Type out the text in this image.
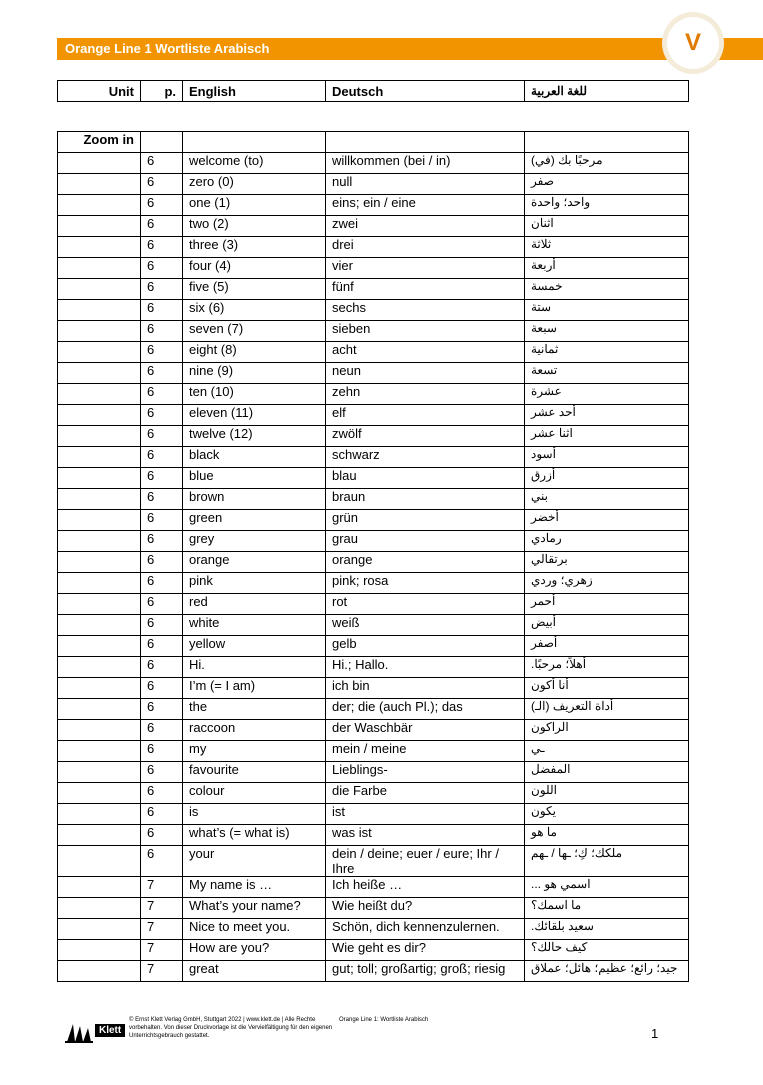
Orange Line 1 Wortliste Arabisch	V
Unit	p.	English	Deutsch	للغة العربية
Zoom in				
	6	welcome (to)	willkommen (bei / in)	مرحبًا بك (في)
	6	zero (0)	null	صفر
	6	one (1)	eins; ein / eine	واحد؛ واحدة
	6	two (2)	zwei	اثنان
	6	three (3)	drei	ثلاثة
	6	four (4)	vier	أربعة
	6	five (5)	fünf	خمسة
	6	six (6)	sechs	ستة
	6	seven (7)	sieben	سبعة
	6	eight (8)	acht	ثمانية
	6	nine (9)	neun	تسعة
	6	ten (10)	zehn	عشرة
	6	eleven (11)	elf	أحد عشر
	6	twelve (12)	zwölf	اثنا عشر
	6	black	schwarz	أسود
	6	blue	blau	أزرق
	6	brown	braun	بني
	6	green	grün	أخضر
	6	grey	grau	رمادي
	6	orange	orange	برتقالي
	6	pink	pink; rosa	زهري؛ وردي
	6	red	rot	أحمر
	6	white	weiß	أبيض
	6	yellow	gelb	أصفر
	6	Hi.	Hi.; Hallo.	أهلاً؛ مرحبًا.
	6	I’m (= I am)	ich bin	أنا أكون
	6	the	der; die (auch Pl.); das	أداة التعريف (الـ)
	6	raccoon	der Waschbär	الراكون
	6	my	mein / meine	ـي
	6	favourite	Lieblings-	المفضل
	6	colour	die Farbe	اللون
	6	is	ist	يكون
	6	what’s (= what is)	was ist	ما هو
	6	your	dein / deine; euer / eure; Ihr / Ihre	ملكك؛ كِ؛ ـها / ـهم
	7	My name is …	Ich heiße …	اسمي هو ...
	7	What’s your name?	Wie heißt du?	ما اسمك؟
	7	Nice to meet you.	Schön, dich kennenzulernen.	سعيد بلقائك.
	7	How are you?	Wie geht es dir?	كيف حالك؟
	7	great	gut; toll; großartig; groß; riesig	جيد؛ رائع؛ عظيم؛ هائل؛ عملاق
Klett
© Ernst Klett Verlag GmbH, Stuttgart 2022 | www.klett.de | Alle Rechte vorbehalten. Von dieser Druckvorlage ist die Vervielfältigung für den eigenen Unterrichtsgebrauch gestattet.
Orange Line 1: Wortliste Arabisch
1
